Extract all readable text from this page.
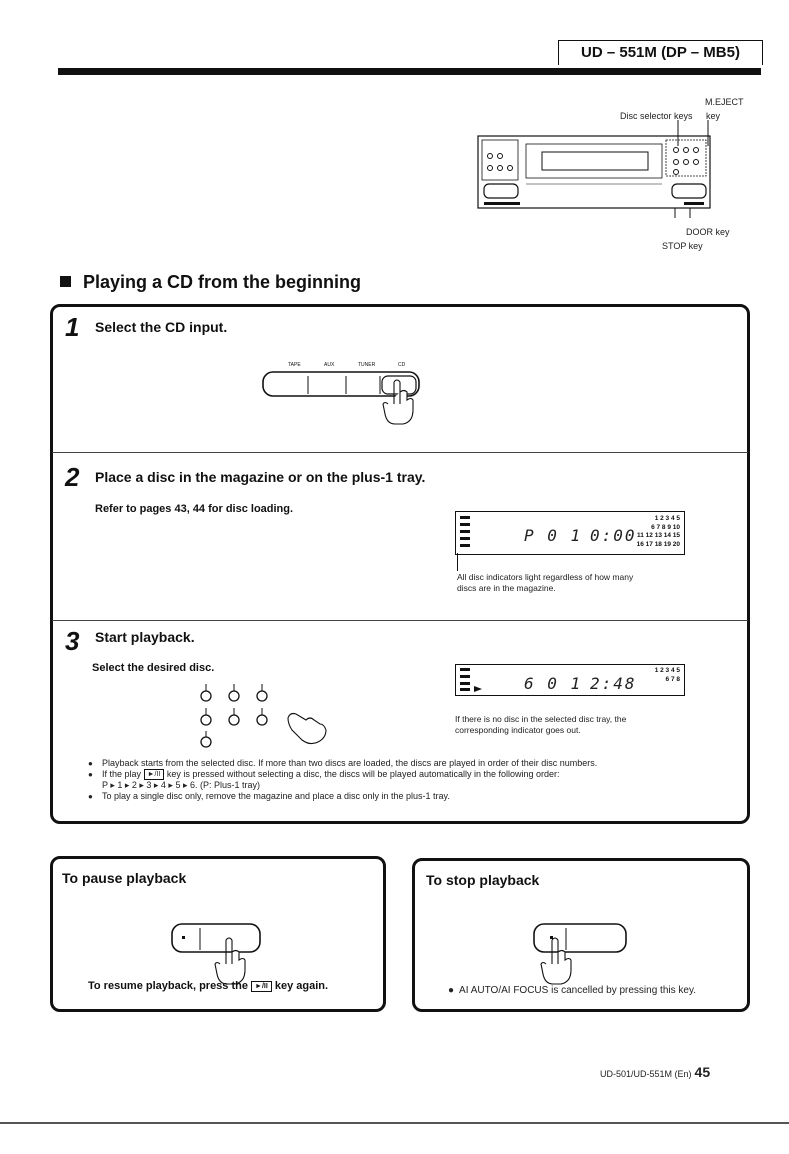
UD – 551M (DP – MB5)
M.EJECT
Disc selector keys key
DOOR key
STOP key
Playing a CD from the beginning
1 Select the CD input.
TAPE	AUX	TUNER	CD
2 Place a disc in the magazine or on the plus-1 tray.
Refer to pages 43, 44 for disc loading.
P 0 1 0:00
1 2 3 4 5
6 7 8 9 10
11 12 13 14 15
16 17 18 19 20
All disc indicators light regardless of how many
discs are in the magazine.
3 Start playback.
Select the desired disc.
6 0 1 2:48
1 2 3 4 5
6 7 8
If there is no disc in the selected disc tray, the
corresponding indicator goes out.
● Playback starts from the selected disc. If more than two discs are loaded, the discs are played in order of their disc numbers.
● If the play ►/II key is pressed without selecting a disc, the discs will be played automatically in the following order:
P ▸ 1 ▸ 2 ▸ 3 ▸ 4 ▸ 5 ▸ 6. (P: Plus-1 tray)
● To play a single disc only, remove the magazine and place a disc only in the plus-1 tray.
To pause playback
To resume playback, press the ►/II key again.
To stop playback
●  AI AUTO/AI FOCUS is cancelled by pressing this key.
UD-501/UD-551M (En) 45
